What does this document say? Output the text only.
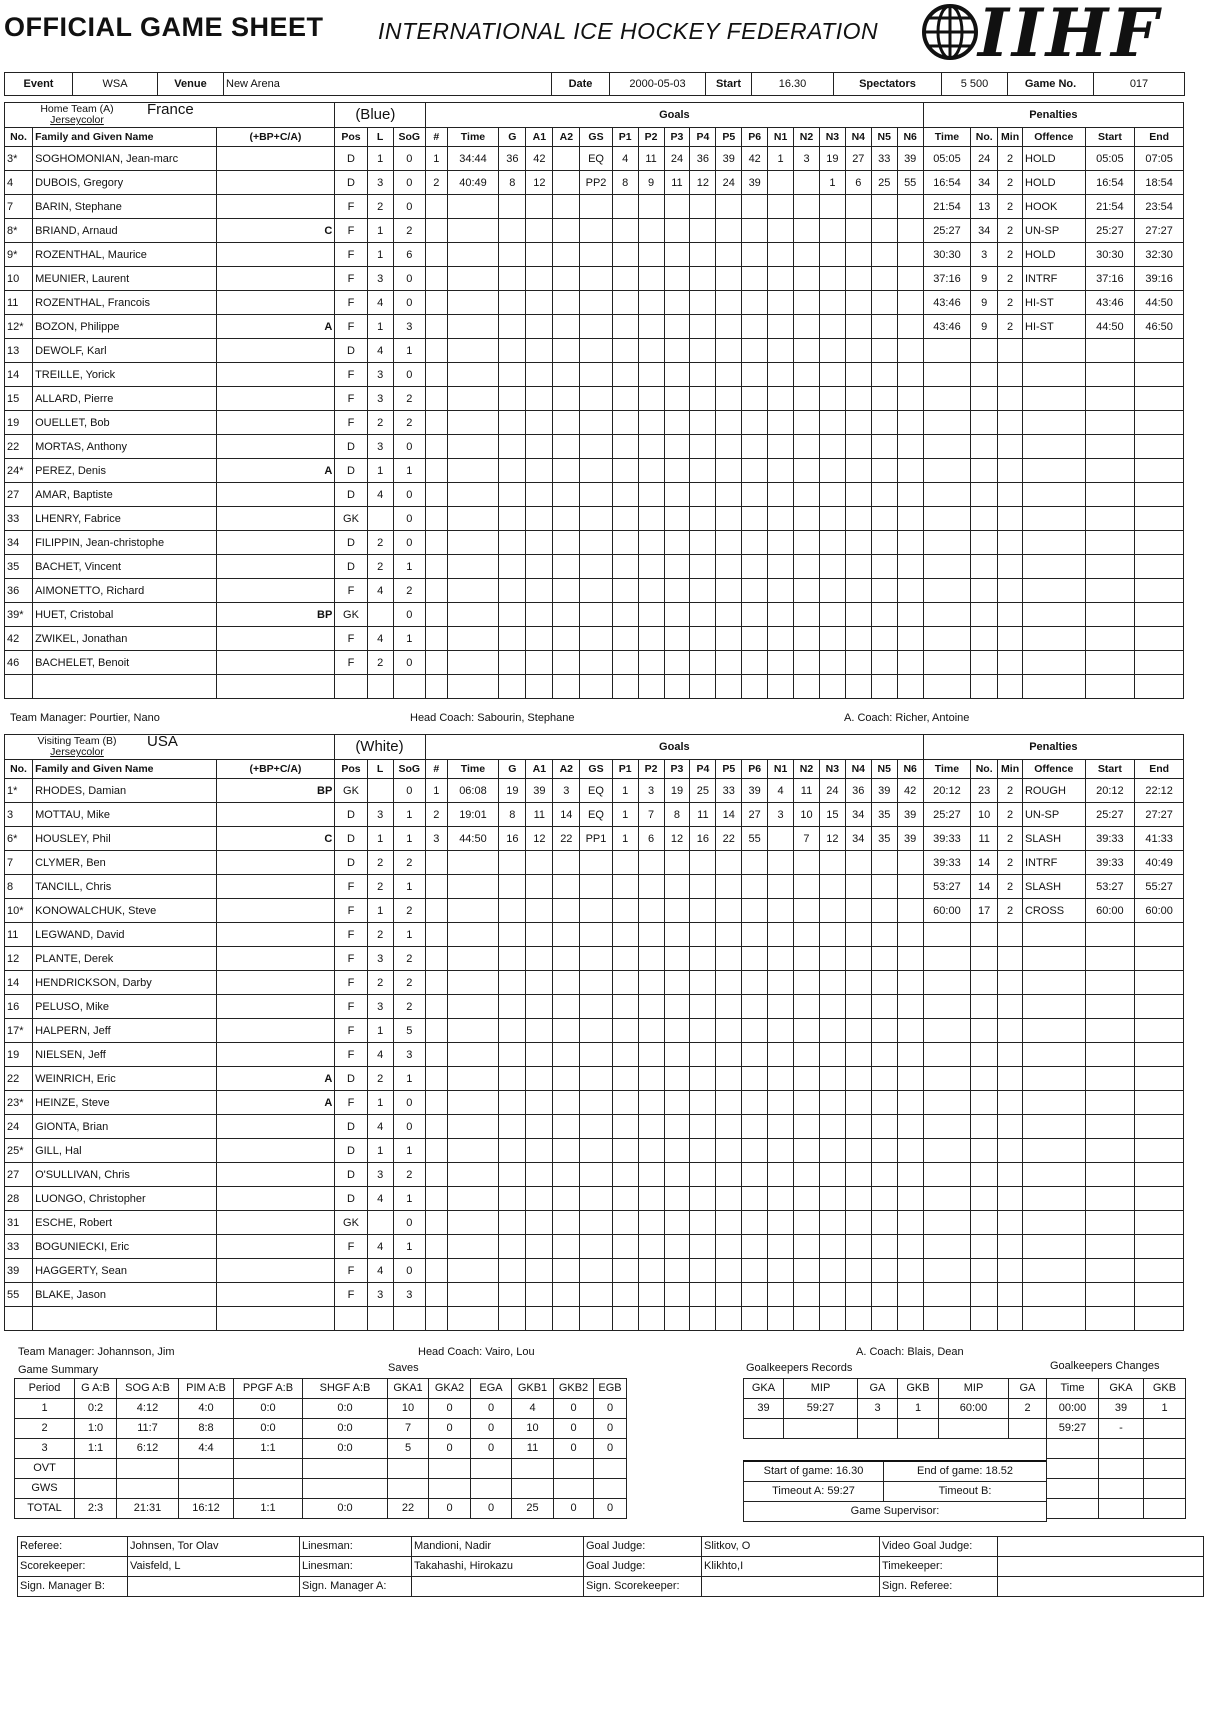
OFFICIAL GAME SHEET INTERNATIONAL ICE HOCKEY FEDERATION IIHF
Event	WSA	Venue	New Arena	Date	2000-05-03	Start	16.30	Spectators	5 500	Game No.	017
Home Team (A) France
Jerseycolor			(Blue)			Goals																		Penalties					
No.	Family and Given Name	(+BP+C/A)	Pos	L	SoG	#	Time	G	A1	A2	GS	P1	P2	P3	P4	P5	P6	N1	N2	N3	N4	N5	N6	Time	No.	Min	Offence	Start	End
3*	SOGHOMONIAN, Jean-marc		D	1	0	1	34:44	36	42		EQ	4	11	24	36	39	42	1	3	19	27	33	39	05:05	24	2	HOLD	05:05	07:05
4	DUBOIS, Gregory		D	3	0	2	40:49	8	12		PP2	8	9	11	12	24	39			1	6	25	55	16:54	34	2	HOLD	16:54	18:54
7	BARIN, Stephane		F	2	0																			21:54	13	2	HOOK	21:54	23:54
8*	BRIAND, Arnaud	C	F	1	2																			25:27	34	2	UN-SP	25:27	27:27
9*	ROZENTHAL, Maurice		F	1	6																			30:30	3	2	HOLD	30:30	32:30
10	MEUNIER, Laurent		F	3	0																			37:16	9	2	INTRF	37:16	39:16
11	ROZENTHAL, Francois		F	4	0																			43:46	9	2	HI-ST	43:46	44:50
12*	BOZON, Philippe	A	F	1	3																			43:46	9	2	HI-ST	44:50	46:50
13	DEWOLF, Karl		D	4	1																								
14	TREILLE, Yorick		F	3	0																								
15	ALLARD, Pierre		F	3	2																								
19	OUELLET, Bob		F	2	2																								
22	MORTAS, Anthony		D	3	0																								
24*	PEREZ, Denis	A	D	1	1																								
27	AMAR, Baptiste		D	4	0																								
33	LHENRY, Fabrice		GK		0																								
34	FILIPPIN, Jean-christophe		D	2	0																								
35	BACHET, Vincent		D	2	1																								
36	AIMONETTO, Richard		F	4	2																								
39*	HUET, Cristobal	BP	GK		0																								
42	ZWIKEL, Jonathan		F	4	1																								
46	BACHELET, Benoit		F	2	0																								

Team Manager: Pourtier, Nano	Head Coach: Sabourin, Stephane	A. Coach: Richer, Antoine
Visiting Team (B) USA
Jerseycolor			(White)			Goals																		Penalties					
No.	Family and Given Name	(+BP+C/A)	Pos	L	SoG	#	Time	G	A1	A2	GS	P1	P2	P3	P4	P5	P6	N1	N2	N3	N4	N5	N6	Time	No.	Min	Offence	Start	End
1*	RHODES, Damian	BP	GK		0	1	06:08	19	39	3	EQ	1	3	19	25	33	39	4	11	24	36	39	42	20:12	23	2	ROUGH	20:12	22:12
3	MOTTAU, Mike		D	3	1	2	19:01	8	11	14	EQ	1	7	8	11	14	27	3	10	15	34	35	39	25:27	10	2	UN-SP	25:27	27:27
6*	HOUSLEY, Phil	C	D	1	1	3	44:50	16	12	22	PP1	1	6	12	16	22	55		7	12	34	35	39	39:33	11	2	SLASH	39:33	41:33
7	CLYMER, Ben		D	2	2																			39:33	14	2	INTRF	39:33	40:49
8	TANCILL, Chris		F	2	1																			53:27	14	2	SLASH	53:27	55:27
10*	KONOWALCHUK, Steve		F	1	2																			60:00	17	2	CROSS	60:00	60:00
11	LEGWAND, David		F	2	1																								
12	PLANTE, Derek		F	3	2																								
14	HENDRICKSON, Darby		F	2	2																								
16	PELUSO, Mike		F	3	2																								
17*	HALPERN, Jeff		F	1	5																								
19	NIELSEN, Jeff		F	4	3																								
22	WEINRICH, Eric	A	D	2	1																								
23*	HEINZE, Steve	A	F	1	0																								
24	GIONTA, Brian		D	4	0																								
25*	GILL, Hal		D	1	1																								
27	O'SULLIVAN, Chris		D	3	2																								
28	LUONGO, Christopher		D	4	1																								
31	ESCHE, Robert		GK		0																								
33	BOGUNIECKI, Eric		F	4	1																								
39	HAGGERTY, Sean		F	4	0																								
55	BLAKE, Jason		F	3	3																								

Team Manager: Johannson, Jim	Head Coach: Vairo, Lou	A. Coach: Blais, Dean
Game Summary	Saves
Period	G A:B	SOG A:B	PIM A:B	PPGF A:B	SHGF A:B	GKA1	GKA2	EGA	GKB1	GKB2	EGB
1	0:2	4:12	4:0	0:0	0:0	10	0	0	4	0	0
2	1:0	11:7	8:8	0:0	0:0	7	0	0	10	0	0
3	1:1	6:12	4:4	1:1	0:0	5	0	0	11	0	0
OVT											
GWS											
TOTAL	2:3	21:31	16:12	1:1	0:0	22	0	0	25	0	0
Goalkeepers Records
GKA	MIP	GA	GKB	MIP	GA
39	59:27	3	1	60:00	2

Start of game: 16.30	End of game: 18.52
Timeout A: 59:27	Timeout B:
Game Supervisor:	
Goalkeepers Changes
Time	GKA	GKB
00:00	39	1
59:27	-	

Referee:	Johnsen, Tor Olav	Linesman:	Mandioni, Nadir	Goal Judge:	Slitkov, O	Video Goal Judge:	
Scorekeeper:	Vaisfeld, L	Linesman:	Takahashi, Hirokazu	Goal Judge:	Klikhto,I	Timekeeper:	
Sign. Manager B:		Sign. Manager A:		Sign. Scorekeeper:		Sign. Referee:	
